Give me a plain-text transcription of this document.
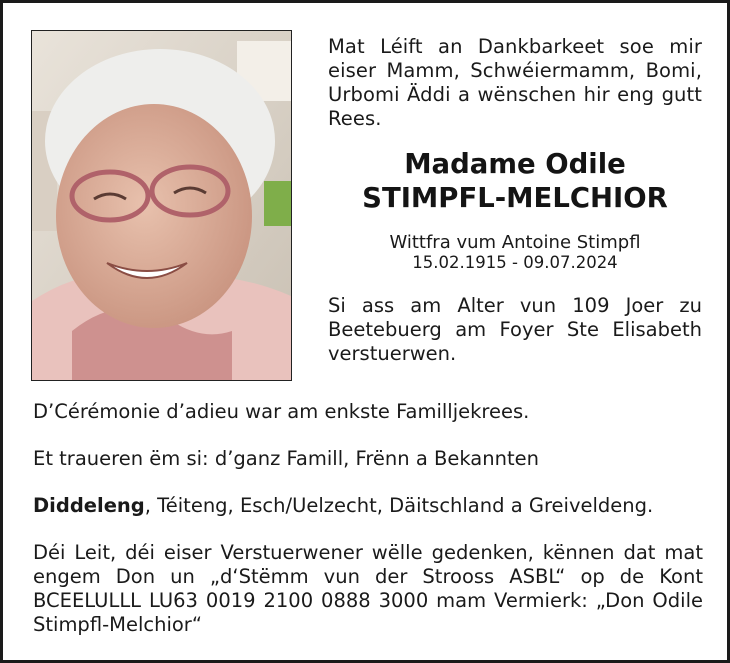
Mat Léift an Dankbarkeet soe mir eiser Mamm, Schwéiermamm, Bomi, Urbomi Äddi a wënschen hir eng gutt Rees.

Madame Odile
STIMPFL-MELCHIOR

Wittfra vum Antoine Stimpfl

15.02.1915 - 09.07.2024

Si ass am Alter vun 109 Joer zu Beetebuerg am Foyer Ste Elisabeth verstuerwen.

D’Cérémonie d’adieu war am enkste Familljekrees.

Et traueren ëm si: d’ganz Famill, Frënn a Bekannten

Diddeleng, Téiteng, Esch/Uelzecht, Däitschland a Greiveldeng.

Déi Leit, déi eiser Verstuerwener wëlle gedenken, kënnen dat mat engem Don un „d‘Stëmm vun der Strooss ASBL“ op de Kont BCEELULLL LU63 0019 2100 0888 3000 mam Vermierk: „Don Odile Stimpfl-Melchior“
